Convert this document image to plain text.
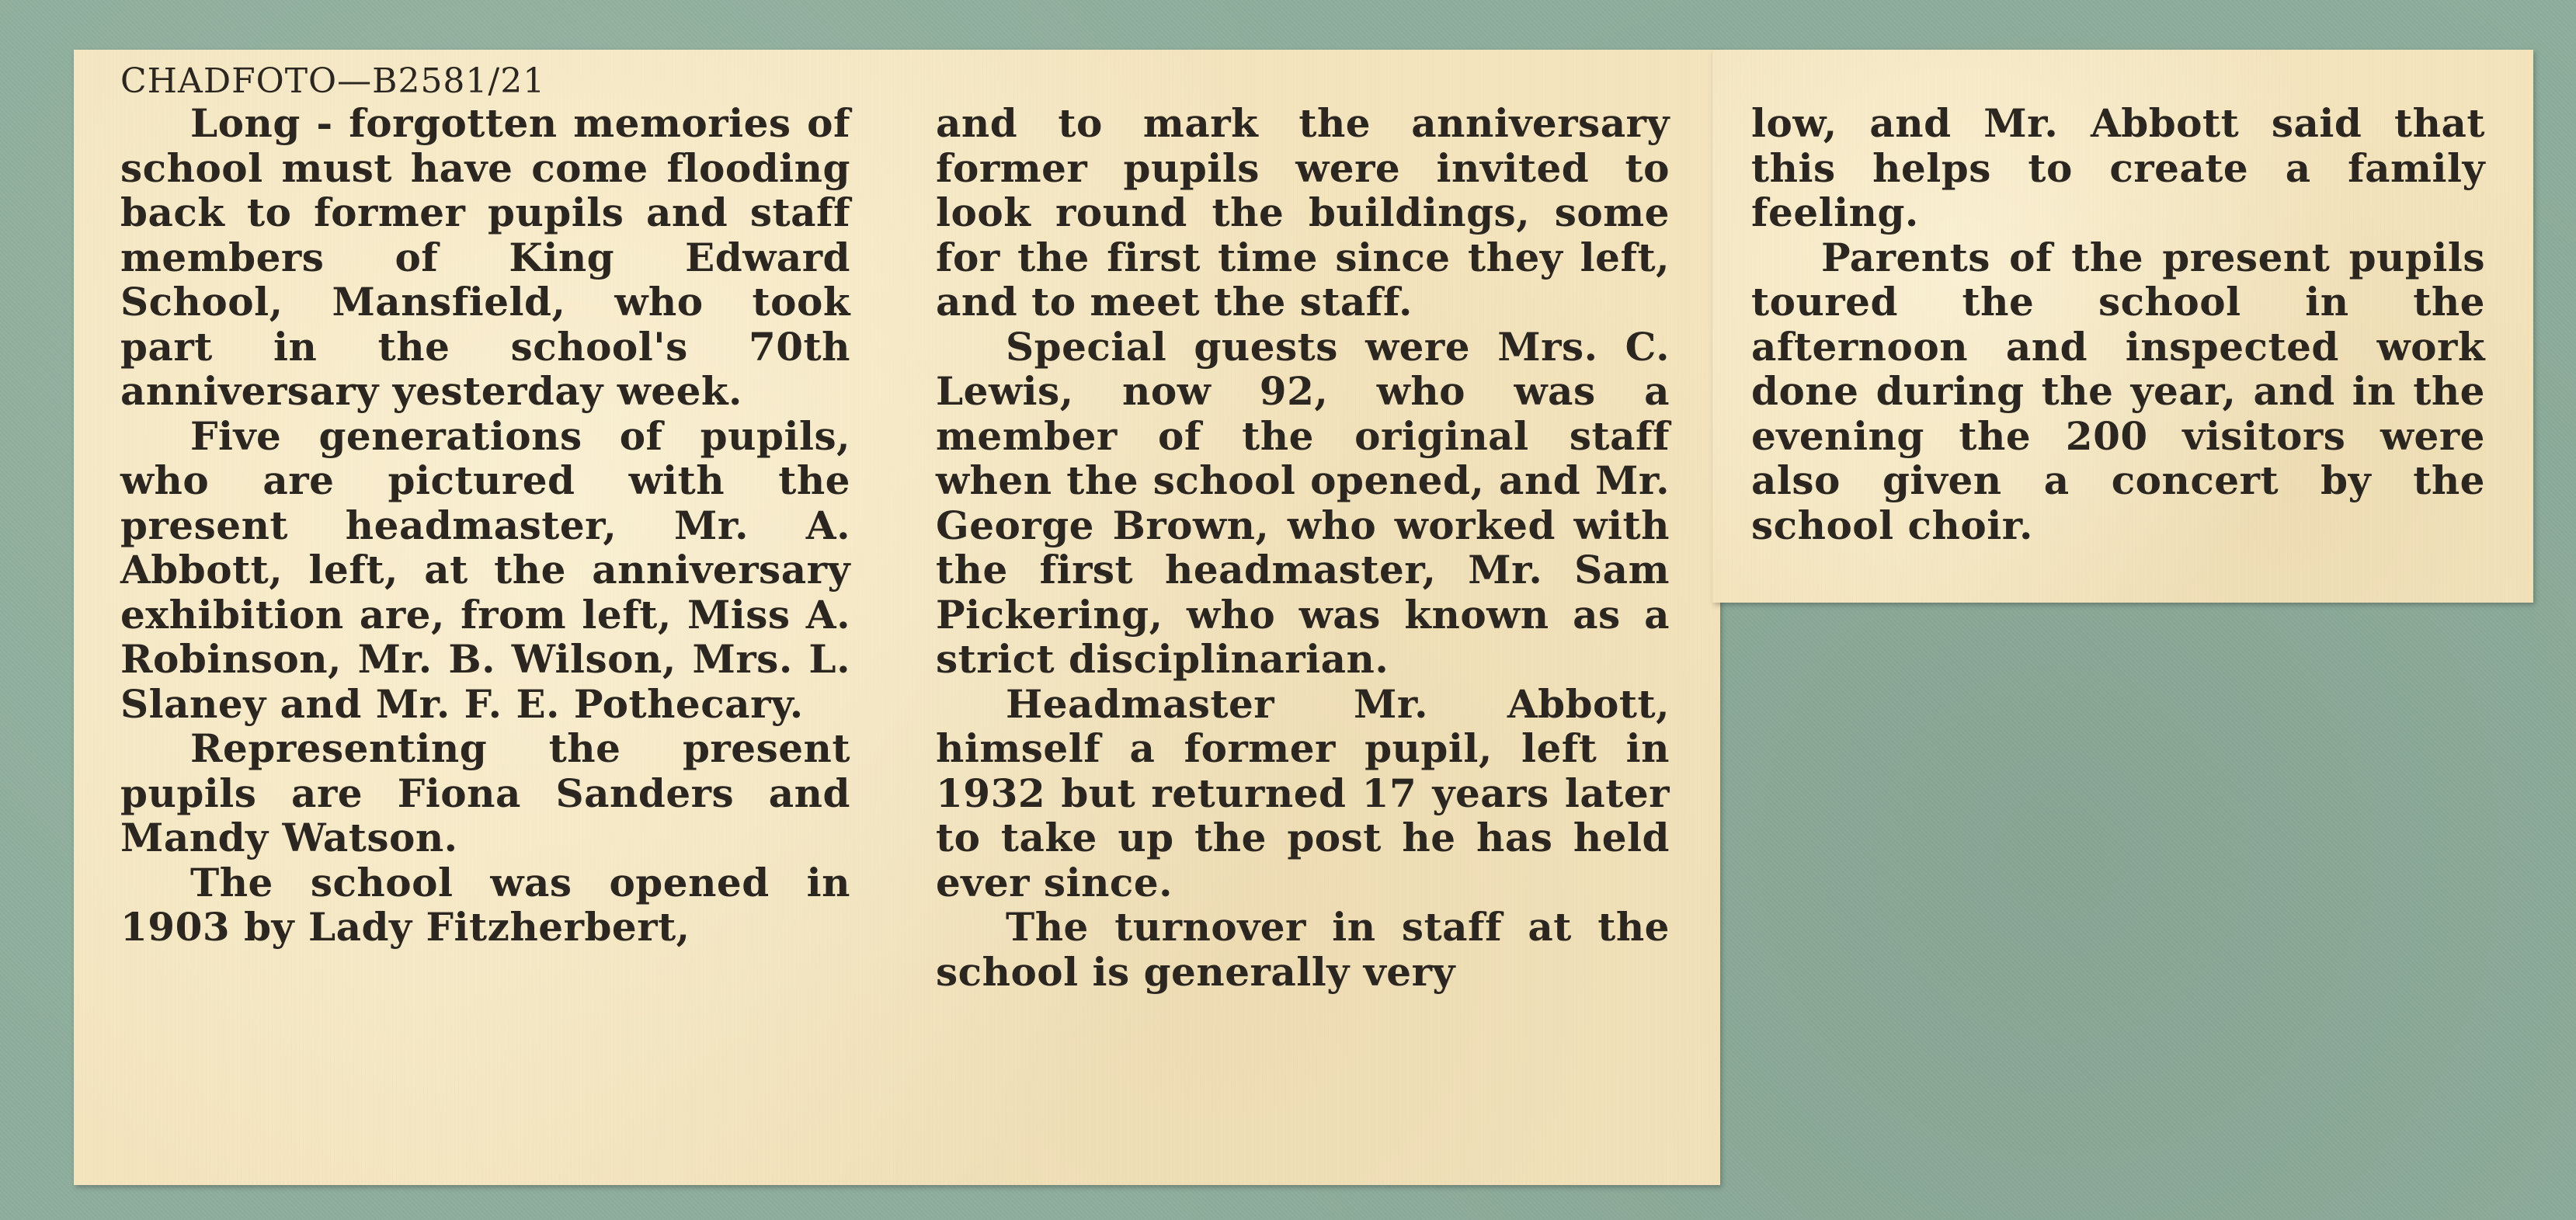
CHADFOTO—B2581/21

Long - forgotten memories of school must have come flooding back to former pupils and staff members of King Edward School, Mansfield, who took part in the school's 70th anniversary yesterday week.

Five generations of pupils, who are pictured with the present headmaster, Mr. A. Abbott, left, at the anniversary exhibition are, from left, Miss A. Robinson, Mr. B. Wilson, Mrs. L. Slaney and Mr. F. E. Pothecary.

Representing the present pupils are Fiona Sanders and Mandy Watson.

The school was opened in 1903 by Lady Fitzherbert,

and to mark the anniversary former pupils were invited to look round the buildings, some for the first time since they left, and to meet the staff.

Special guests were Mrs. C. Lewis, now 92, who was a member of the original staff when the school opened, and Mr. George Brown, who worked with the first headmaster, Mr. Sam Pickering, who was known as a strict disciplinarian.

Headmaster Mr. Abbott, himself a former pupil, left in 1932 but returned 17 years later to take up the post he has held ever since.

The turnover in staff at the school is generally very

low, and Mr. Abbott said that this helps to create a family feeling.

Parents of the present pupils toured the school in the afternoon and inspected work done during the year, and in the evening the 200 visitors were also given a concert by the school choir.
